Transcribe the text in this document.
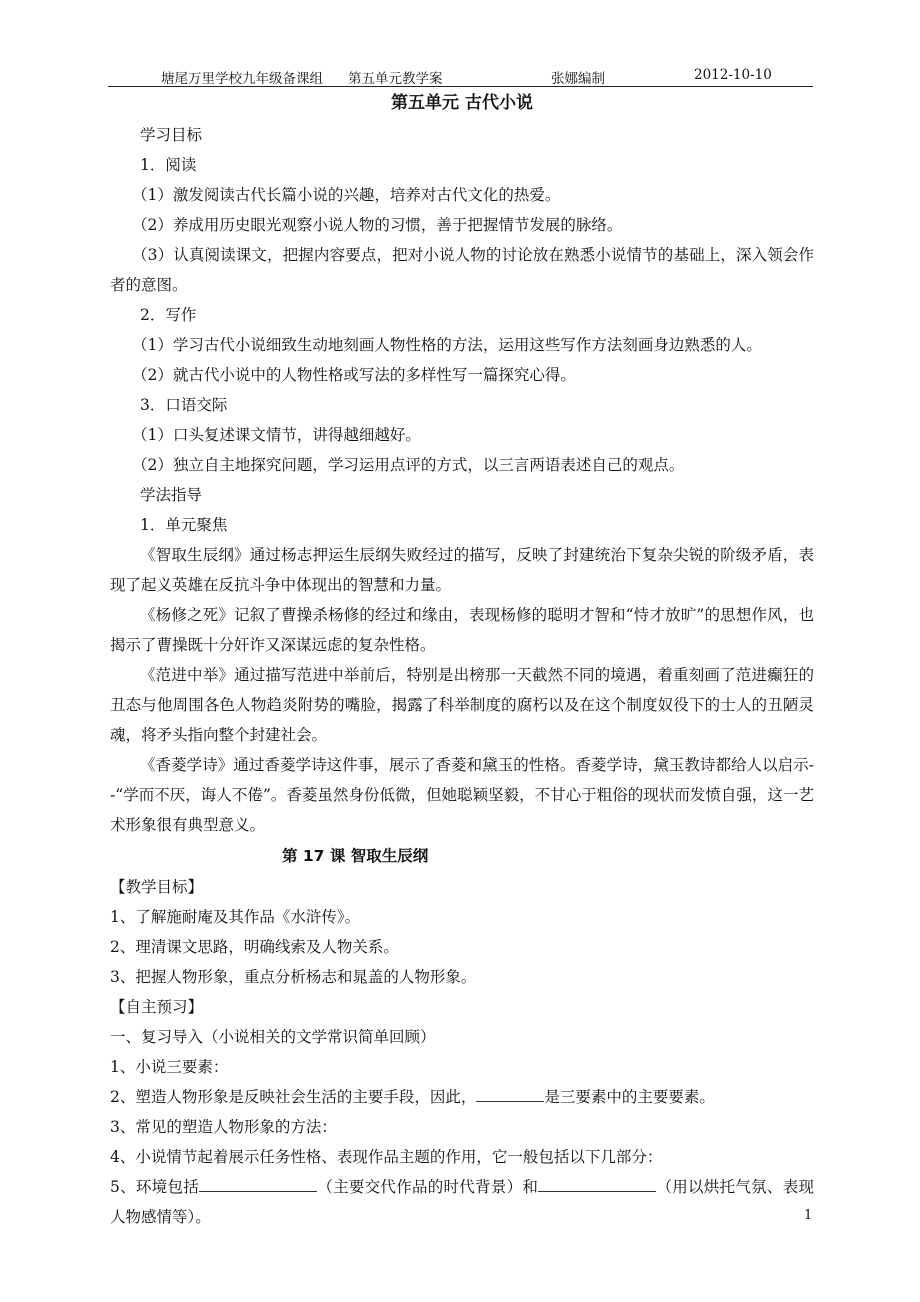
塘尾万里学校九年级备课组 第五单元教学案	张娜编制	2012-10-10
第五单元 古代小说

学习目标

1．阅读

（1）激发阅读古代长篇小说的兴趣，培养对古代文化的热爱。

（2）养成用历史眼光观察小说人物的习惯，善于把握情节发展的脉络。

（3）认真阅读课文，把握内容要点，把对小说人物的讨论放在熟悉小说情节的基础上，深入领会作者的意图。

2．写作

（1）学习古代小说细致生动地刻画人物性格的方法，运用这些写作方法刻画身边熟悉的人。

（2）就古代小说中的人物性格或写法的多样性写一篇探究心得。

3．口语交际

（1）口头复述课文情节，讲得越细越好。

（2）独立自主地探究问题，学习运用点评的方式，以三言两语表述自己的观点。

学法指导

1．单元聚焦

《智取生辰纲》通过杨志押运生辰纲失败经过的描写，反映了封建统治下复杂尖锐的阶级矛盾，表现了起义英雄在反抗斗争中体现出的智慧和力量。

《杨修之死》记叙了曹操杀杨修的经过和缘由，表现杨修的聪明才智和“恃才放旷”的思想作风，也揭示了曹操既十分奸诈又深谋远虑的复杂性格。

《范进中举》通过描写范进中举前后，特别是出榜那一天截然不同的境遇，着重刻画了范进癫狂的丑态与他周围各色人物趋炎附势的嘴脸，揭露了科举制度的腐朽以及在这个制度奴役下的士人的丑陋灵魂，将矛头指向整个封建社会。

《香菱学诗》通过香菱学诗这件事，展示了香菱和黛玉的性格。香菱学诗，黛玉教诗都给人以启示--“学而不厌，诲人不倦”。香菱虽然身份低微，但她聪颖坚毅，不甘心于粗俗的现状而发愤自强，这一艺术形象很有典型意义。

第 17 课 智取生辰纲

【教学目标】

1、了解施耐庵及其作品《水浒传》。

2、理清课文思路，明确线索及人物关系。

3、把握人物形象，重点分析杨志和晁盖的人物形象。

【自主预习】

一、复习导入（小说相关的文学常识简单回顾）

1、小说三要素：

2、塑造人物形象是反映社会生活的主要手段，因此，	是三要素中的主要要素。

3、常见的塑造人物形象的方法：

4、小说情节起着展示任务性格、表现作品主题的作用，它一般包括以下几部分：

5、环境包括	（主要交代作品的时代背景）和	（用以烘托气氛、表现人物感情等）。	1
